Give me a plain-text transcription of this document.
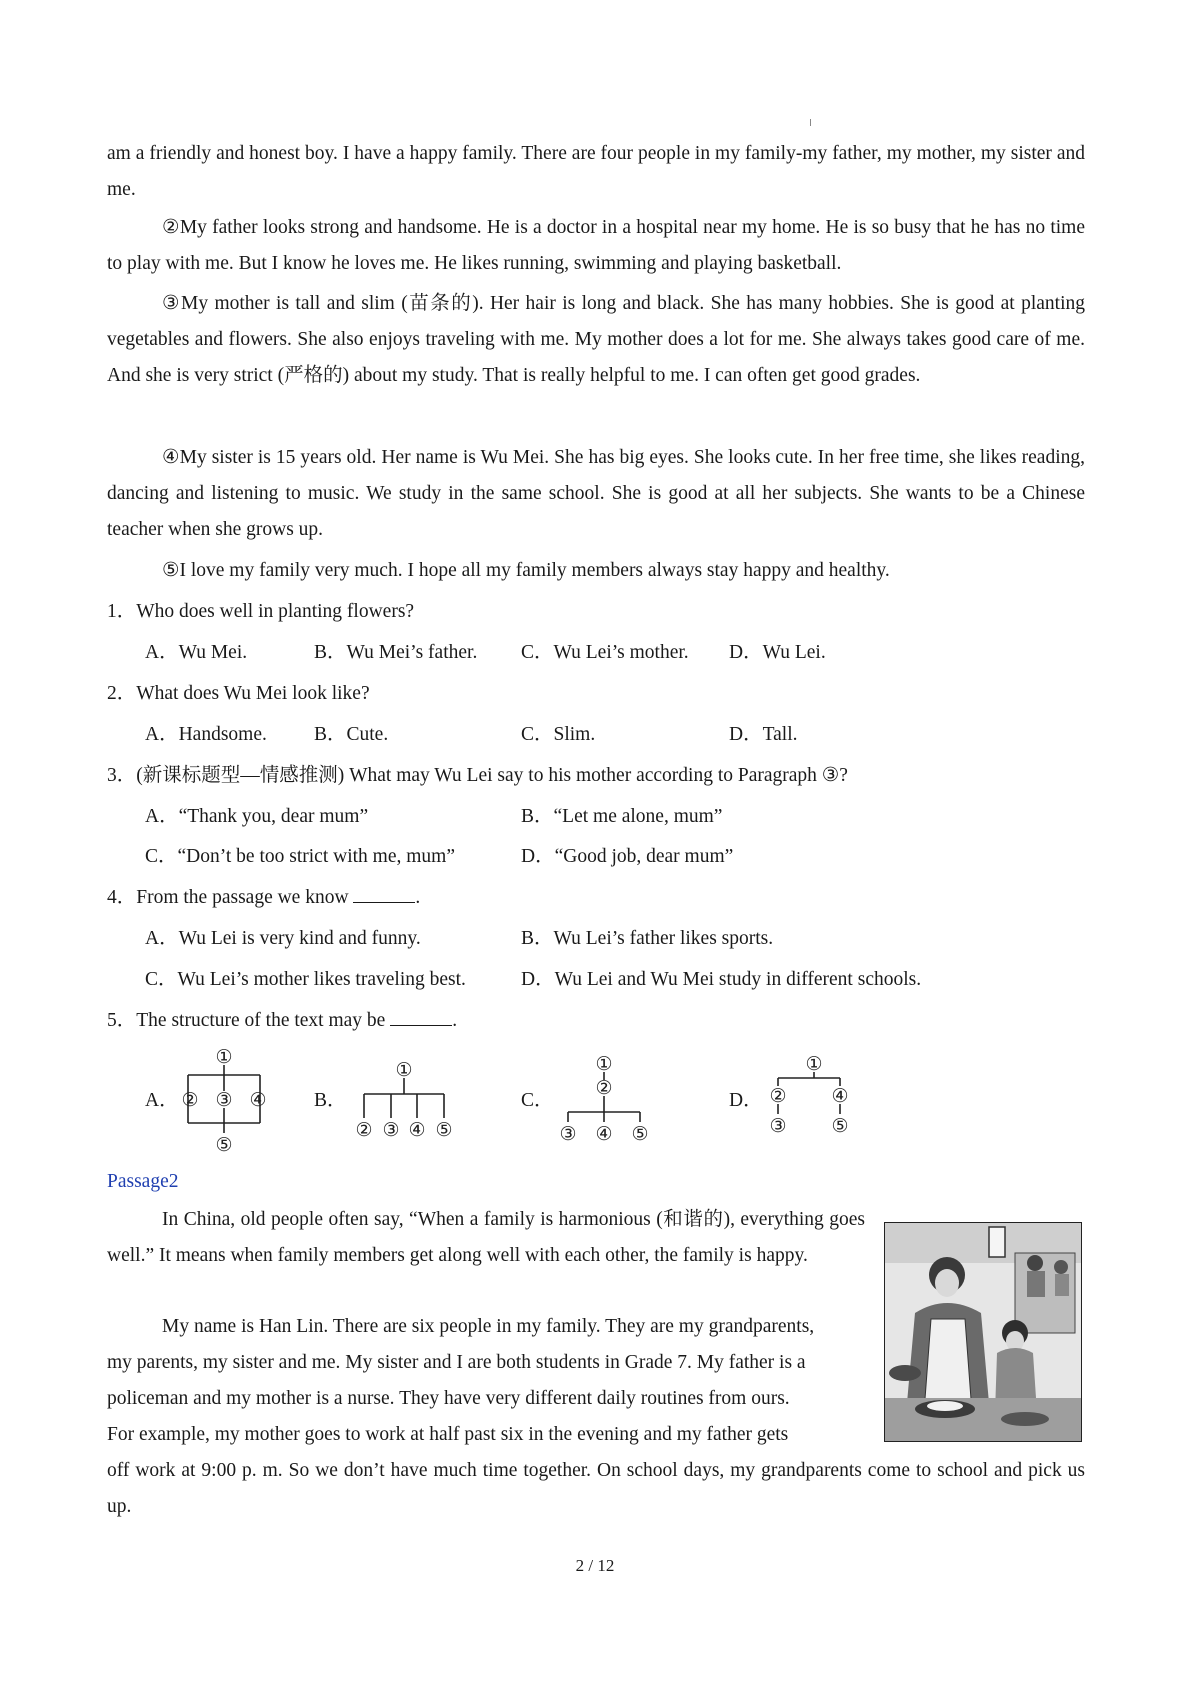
am a friendly and honest boy. I have a happy family. There are four people in my family-my father, my mother, my sister and me.

②My father looks strong and handsome. He is a doctor in a hospital near my home. He is so busy that he has no time to play with me. But I know he loves me. He likes running, swimming and playing basketball.

③My mother is tall and slim (苗条的). Her hair is long and black. She has many hobbies. She is good at planting vegetables and flowers. She also enjoys traveling with me. My mother does a lot for me. She always takes good care of me. And she is very strict (严格的) about my study. That is really helpful to me. I can often get good grades.

④My sister is 15 years old. Her name is Wu Mei. She has big eyes. She looks cute. In her free time, she likes reading, dancing and listening to music. We study in the same school. She is good at all her subjects. She wants to be a Chinese teacher when she grows up.

⑤I love my family very much. I hope all my family members always stay happy and healthy.

1．Who does well in planting flowers?
A．Wu Mei.	B．Wu Mei’s father. C．Wu Lei’s mother. D．Wu Lei.
2．What does Wu Mei look like?
A．Handsome. B．Cute.	C．Slim.	D．Tall.
3．(新课标题型—情感推测) What may Wu Lei say to his mother according to Paragraph ③?
A．“Thank you, dear mum”	B．“Let me alone, mum”
C．“Don’t be too strict with me, mum”	D．“Good job, dear mum”
4．From the passage we know	.
A．Wu Lei is very kind and funny.	B．Wu Lei’s father likes sports.
C．Wu Lei’s mother likes traveling best.	D．Wu Lei and Wu Mei study in different schools.
5．The structure of the text may be	.
A．	B．	C．	D．
①
② ③ ④
⑤
①
② ③ ④ ⑤
①
②
③ ④ ⑤
①
② ④
③ ⑤
Passage2

In China, old people often say, “When a family is harmonious (和谐的), everything goes well.” It means when family members get along well with each other, the family is happy.

My name is Han Lin. There are six people in my family. They are my grandparents,

my parents, my sister and me. My sister and I are both students in Grade 7. My father is a

policeman and my mother is a nurse. They have very different daily routines from ours.

For example, my mother goes to work at half past six in the evening and my father gets

off work at 9:00 p. m. So we don’t have much time together. On school days, my grandparents come to school and pick us up.

2 / 12
